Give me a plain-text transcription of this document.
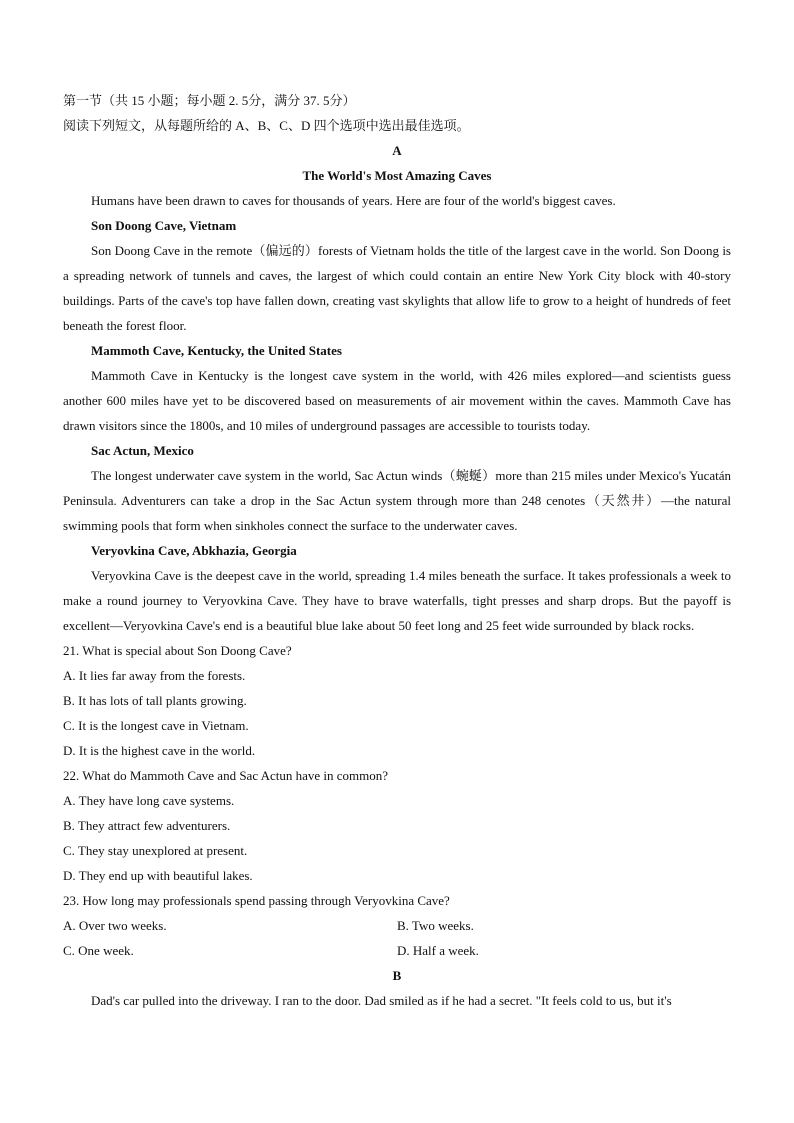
第一节（共 15 小题；每小题 2. 5分，满分 37. 5分）
阅读下列短文，从每题所给的 A、B、C、D 四个选项中选出最佳选项。
A
The World's Most Amazing Caves
Humans have been drawn to caves for thousands of years. Here are four of the world's biggest caves.
Son Doong Cave, Vietnam
Son Doong Cave in the remote（偏远的）forests of Vietnam holds the title of the largest cave in the world. Son Doong is a spreading network of tunnels and caves, the largest of which could contain an entire New York City block with 40-story buildings. Parts of the cave's top have fallen down, creating vast skylights that allow life to grow to a height of hundreds of feet beneath the forest floor.
Mammoth Cave, Kentucky, the United States
Mammoth Cave in Kentucky is the longest cave system in the world, with 426 miles explored—and scientists guess another 600 miles have yet to be discovered based on measurements of air movement within the caves. Mammoth Cave has drawn visitors since the 1800s, and 10 miles of underground passages are accessible to tourists today.
Sac Actun, Mexico
The longest underwater cave system in the world, Sac Actun winds（蜿蜒）more than 215 miles under Mexico's Yucatán Peninsula. Adventurers can take a drop in the Sac Actun system through more than 248 cenotes（天然井）—the natural swimming pools that form when sinkholes connect the surface to the underwater caves.
Veryovkina Cave, Abkhazia, Georgia
Veryovkina Cave is the deepest cave in the world, spreading 1.4 miles beneath the surface. It takes professionals a week to make a round journey to Veryovkina Cave. They have to brave waterfalls, tight presses and sharp drops. But the payoff is excellent—Veryovkina Cave's end is a beautiful blue lake about 50 feet long and 25 feet wide surrounded by black rocks.
21. What is special about Son Doong Cave?
A. It lies far away from the forests.
B. It has lots of tall plants growing.
C. It is the longest cave in Vietnam.
D. It is the highest cave in the world.
22. What do Mammoth Cave and Sac Actun have in common?
A. They have long cave systems.
B. They attract few adventurers.
C. They stay unexplored at present.
D. They end up with beautiful lakes.
23. How long may professionals spend passing through Veryovkina Cave?
A. Over two weeks.	B. Two weeks.
C. One week.	D. Half a week.
B
Dad's car pulled into the driveway. I ran to the door. Dad smiled as if he had a secret. "It feels cold to us, but it's
